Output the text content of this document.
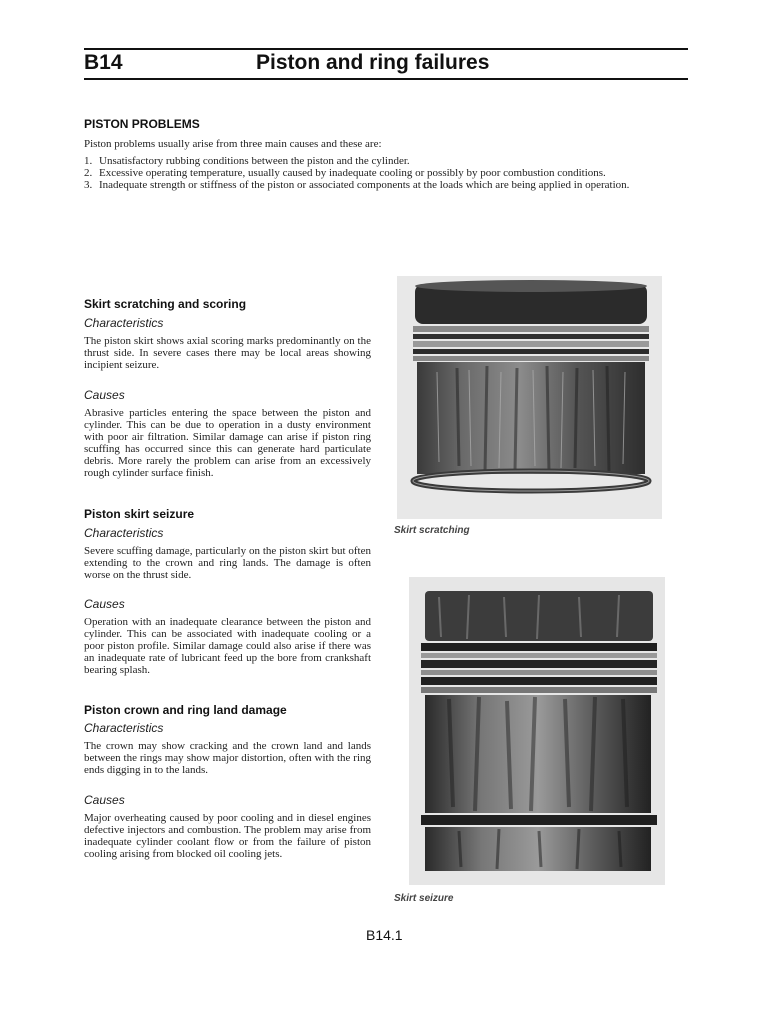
B14	Piston and ring failures
PISTON PROBLEMS
Piston problems usually arise from three main causes and these are:
1. Unsatisfactory rubbing conditions between the piston and the cylinder.
2. Excessive operating temperature, usually caused by inadequate cooling or possibly by poor combustion conditions.
3. Inadequate strength or stiffness of the piston or associated components at the loads which are being applied in operation.
Skirt scratching and scoring
Characteristics
The piston skirt shows axial scoring marks predominantly on the thrust side. In severe cases there may be local areas showing incipient seizure.
Causes
Abrasive particles entering the space between the piston and cylinder. This can be due to operation in a dusty environment with poor air filtration. Similar damage can arise if piston ring scuffing has occurred since this can generate hard particulate debris. More rarely the problem can arise from an excessively rough cylinder surface finish.
Piston skirt seizure
Characteristics
Severe scuffing damage, particularly on the piston skirt but often extending to the crown and ring lands. The damage is often worse on the thrust side.
Causes
Operation with an inadequate clearance between the piston and cylinder. This can be associated with inadequate cooling or a poor piston profile. Similar damage could also arise if there was an inadequate rate of lubricant feed up the bore from crankshaft bearing splash.
Piston crown and ring land damage
Characteristics
The crown may show cracking and the crown land and lands between the rings may show major distortion, often with the ring ends digging in to the lands.
Causes
Major overheating caused by poor cooling and in diesel engines defective injectors and combustion. The problem may arise from inadequate cylinder coolant flow or from the failure of piston cooling arising from blocked oil cooling jets.
Skirt scratching
Skirt seizure
B14.1
